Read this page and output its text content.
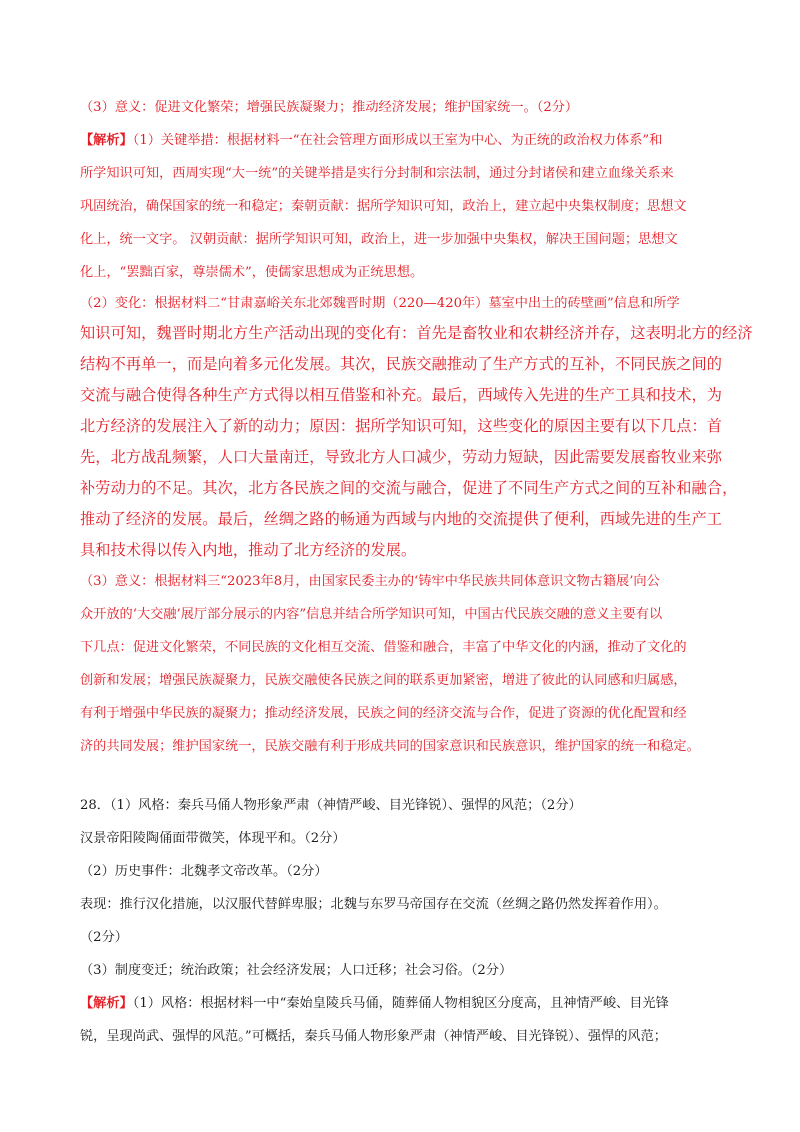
（3）意义：促进文化繁荣；增强民族凝聚力；推动经济发展；维护国家统一。（2分）
【解析】（1）关键举措：根据材料一“在社会管理方面形成以王室为中心、为正统的政治权力体系”和
所学知识可知，西周实现“大一统”的关键举措是实行分封制和宗法制，通过分封诸侯和建立血缘关系来
巩固统治，确保国家的统一和稳定；秦朝贡献：据所学知识可知，政治上，建立起中央集权制度；思想文
化上，统一文字。 汉朝贡献：据所学知识可知，政治上，进一步加强中央集权，解决王国问题；思想文
化上，“罢黜百家，尊崇儒术”，使儒家思想成为正统思想。
（2）变化：根据材料二“甘肃嘉峪关东北郊魏晋时期（220—420年）墓室中出土的砖壁画”信息和所学
知识可知，魏晋时期北方生产活动出现的变化有：首先是畜牧业和农耕经济并存，这表明北方的经济
结构不再单一，而是向着多元化发展。其次，民族交融推动了生产方式的互补，不同民族之间的
交流与融合使得各种生产方式得以相互借鉴和补充。最后，西域传入先进的生产工具和技术，为
北方经济的发展注入了新的动力；原因：据所学知识可知，这些变化的原因主要有以下几点：首
先，北方战乱频繁，人口大量南迁，导致北方人口减少，劳动力短缺，因此需要发展畜牧业来弥
补劳动力的不足。其次，北方各民族之间的交流与融合，促进了不同生产方式之间的互补和融合，
推动了经济的发展。最后，丝绸之路的畅通为西域与内地的交流提供了便利，西域先进的生产工
具和技术得以传入内地，推动了北方经济的发展。
（3）意义：根据材料三“2023年8月，由国家民委主办的‘铸牢中华民族共同体意识文物古籍展’向公
众开放的‘大交融’展厅部分展示的内容”信息并结合所学知识可知，中国古代民族交融的意义主要有以
下几点：促进文化繁荣，不同民族的文化相互交流、借鉴和融合，丰富了中华文化的内涵，推动了文化的
创新和发展；增强民族凝聚力，民族交融使各民族之间的联系更加紧密，增进了彼此的认同感和归属感，
有利于增强中华民族的凝聚力；推动经济发展，民族之间的经济交流与合作，促进了资源的优化配置和经
济的共同发展；维护国家统一，民族交融有利于形成共同的国家意识和民族意识，维护国家的统一和稳定。
28．（1）风格：秦兵马俑人物形象严肃（神情严峻、目光锋锐）、强悍的风范；（2分）
汉景帝阳陵陶俑面带微笑，体现平和。（2分）
（2）历史事件：北魏孝文帝改革。（2分）
表现：推行汉化措施，以汉服代替鲜卑服；北魏与东罗马帝国存在交流（丝绸之路仍然发挥着作用）。
（2分）
（3）制度变迁；统治政策；社会经济发展；人口迁移；社会习俗。（2分）
【解析】（1）风格：根据材料一中“秦始皇陵兵马俑，随葬俑人物相貌区分度高，且神情严峻、目光锋
锐，呈现尚武、强悍的风范。”可概括，秦兵马俑人物形象严肃（神情严峻、目光锋锐）、强悍的风范；
